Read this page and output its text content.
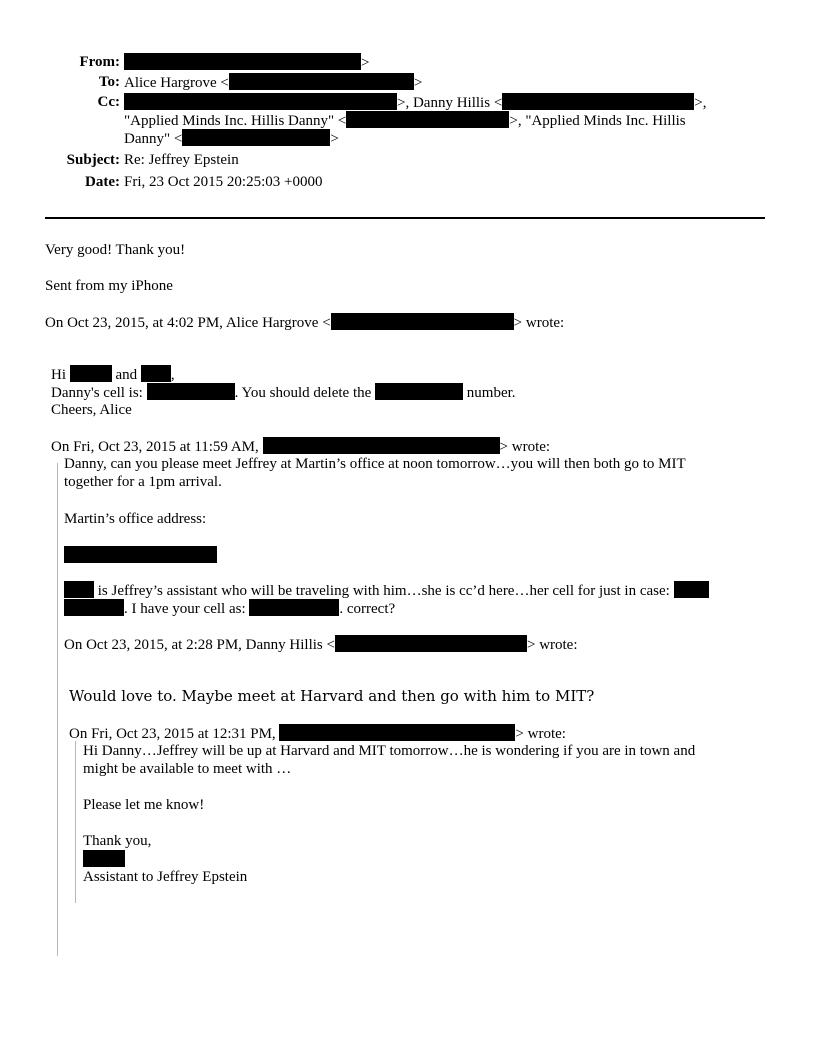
From:	>
To: Alice Hargrove <	>
Cc:	>, Danny Hillis <	>,
"Applied Minds Inc. Hillis Danny" <	>, "Applied Minds Inc. Hillis
Danny" <	>
Subject: Re: Jeffrey Epstein
Date: Fri, 23 Oct 2015 20:25:03 +0000
Very good! Thank you!
Sent from my iPhone
On Oct 23, 2015, at 4:02 PM, Alice Hargrove <	> wrote:
Hi	and ,
Danny's cell is:	. You should delete the	number.
Cheers, Alice
On Fri, Oct 23, 2015 at 11:59 AM,	> wrote:
Danny, can you please meet Jeffrey at Martin’s office at noon tomorrow…you will then both go to MIT
together for a 1pm arrival.
Martin’s office address:
is Jeffrey’s assistant who will be traveling with him…she is cc’d here…her cell for just in case:
. I have your cell as:	. correct?
On Oct 23, 2015, at 2:28 PM, Danny Hillis <	> wrote:
Would love to. Maybe meet at Harvard and then go with him to MIT?
On Fri, Oct 23, 2015 at 12:31 PM,	> wrote:
Hi Danny…Jeffrey will be up at Harvard and MIT tomorrow…he is wondering if you are in town and
might be available to meet with …
Please let me know!
Thank you,
Assistant to Jeffrey Epstein
